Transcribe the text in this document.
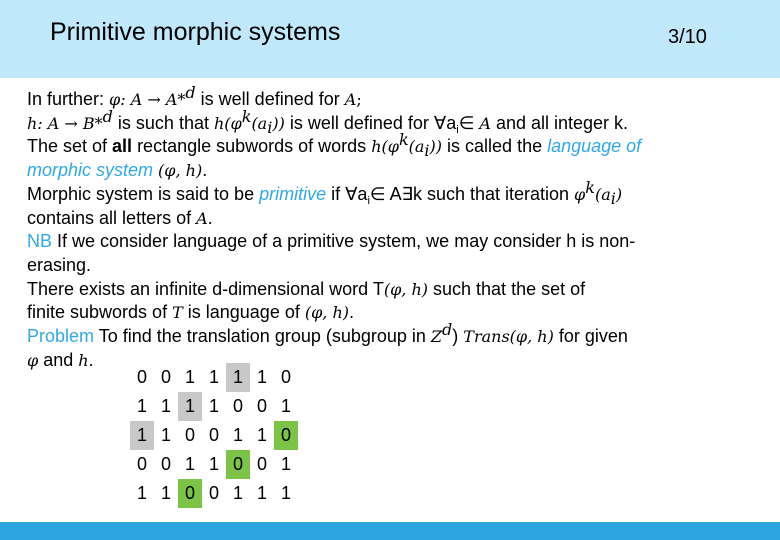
Primitive morphic systems	3/10
In further: φ: A → A*$^d$ is well defined for A;
h: A → B*$^d$ is such that $h(\varphi^k(a_i))$ is well defined for $\forall a_i\in$ A and all integer k.
The set of all rectangle subwords of words $h(\varphi^k(a_i))$ is called the language of
morphic system (φ, h).
Morphic system is said to be primitive if $\forall a_i\in$ A∃k such that iteration $\varphi^k(a_i)$
contains all letters of A.
NB If we consider language of a primitive system, we may consider h is non-
erasing.
There exists an infinite d-dimensional word T(φ, h) such that the set of
finite subwords of T is language of (φ, h).
Problem To find the translation group (subgroup in $Z^d$) Trans(φ, h) for given
φ and h.
0	0	1	1	1	1	0
1	1	1	1	0	0	1
1	1	0	0	1	1	0
0	0	1	1	0	0	1
1	1	0	0	1	1	1
